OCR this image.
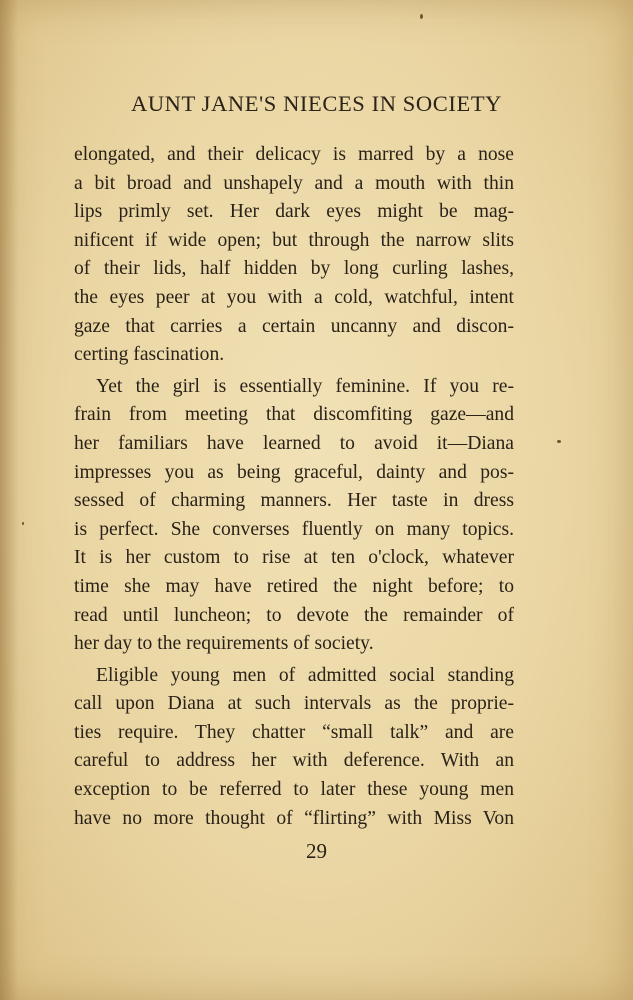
AUNT JANE'S NIECES IN SOCIETY
elongated, and their delicacy is marred by a nose
a bit broad and unshapely and a mouth with thin
lips primly set. Her dark eyes might be mag-
nificent if wide open; but through the narrow slits
of their lids, half hidden by long curling lashes,
the eyes peer at you with a cold, watchful, intent
gaze that carries a certain uncanny and discon-
certing fascination.
Yet the girl is essentially feminine. If you re-
frain from meeting that discomfiting gaze—and
her familiars have learned to avoid it—Diana
impresses you as being graceful, dainty and pos-
sessed of charming manners. Her taste in dress
is perfect. She converses fluently on many topics.
It is her custom to rise at ten o'clock, whatever
time she may have retired the night before; to
read until luncheon; to devote the remainder of
her day to the requirements of society.
Eligible young men of admitted social standing
call upon Diana at such intervals as the proprie-
ties require. They chatter “small talk” and are
careful to address her with deference. With an
exception to be referred to later these young men
have no more thought of “flirting” with Miss Von
29
